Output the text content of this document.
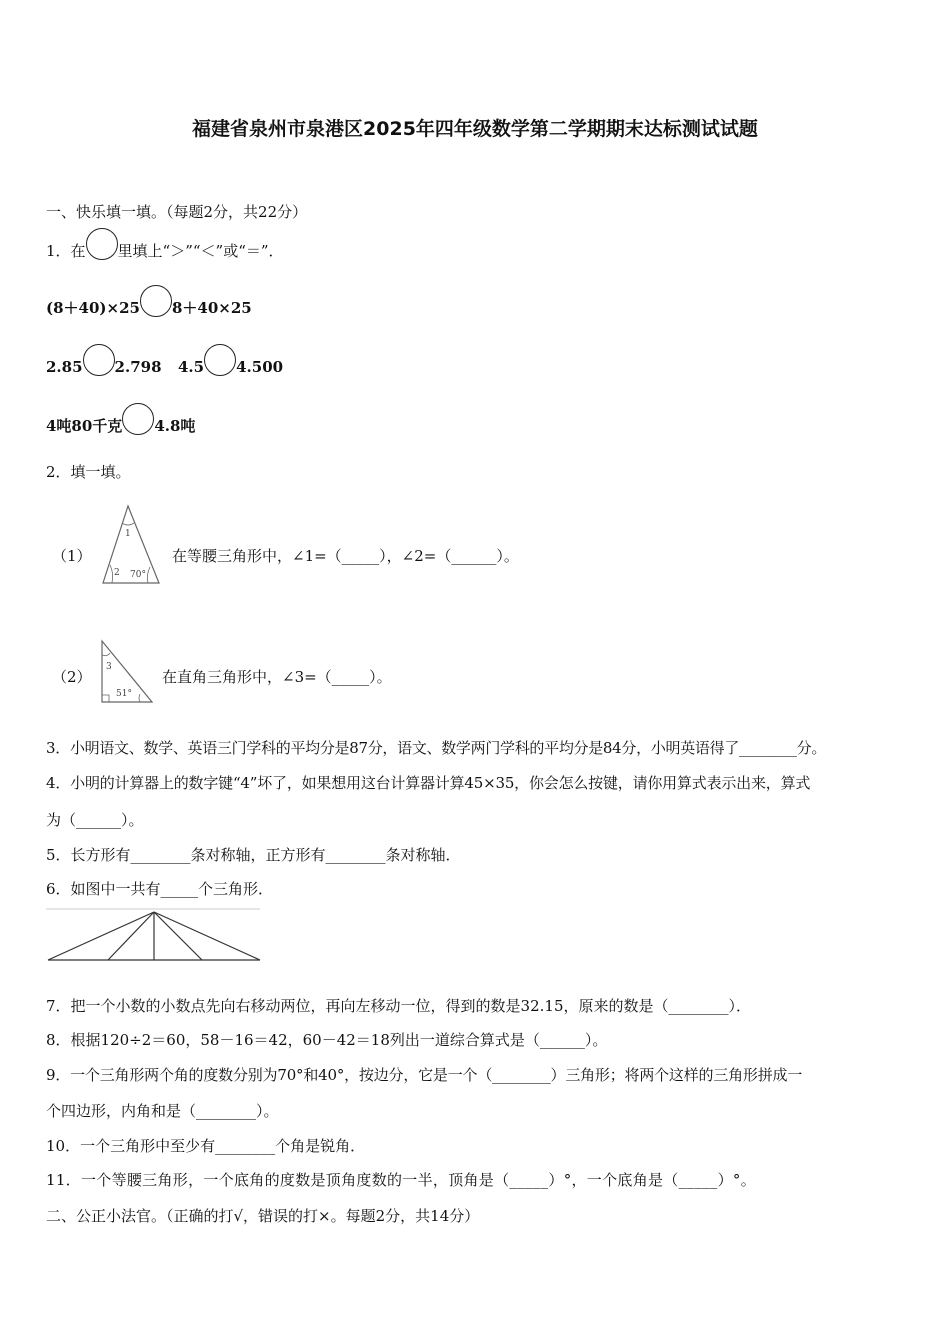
福建省泉州市泉港区2025年四年级数学第二学期期末达标测试试题
一、快乐填一填。（每题2分，共22分）
1．在 里填上“＞”“＜”或“＝”．
(8＋40)×25 8＋40×25
2.85 2.798 4.5 4.500
4吨80千克 4.8吨
2．填一填。
（1）
1
2 70°
在等腰三角形中，∠1=（_____），∠2=（______）。
（2）
3
51°
在直角三角形中，∠3=（_____）。
3．小明语文、数学、英语三门学科的平均分是87分，语文、数学两门学科的平均分是84分，小明英语得了________分。
4．小明的计算器上的数字键“4”坏了，如果想用这台计算器计算45×35，你会怎么按键，请你用算式表示出来，算式
为（______）。
5．长方形有________条对称轴，正方形有________条对称轴．
6．如图中一共有_____个三角形．
7．把一个小数的小数点先向右移动两位，再向左移动一位，得到的数是32.15，原来的数是（________）．
8．根据120÷2＝60，58－16＝42，60－42＝18列出一道综合算式是（______）。
9．一个三角形两个角的度数分别为70°和40°，按边分，它是一个（________）三角形；将两个这样的三角形拼成一
个四边形，内角和是（________）。
10．一个三角形中至少有________个角是锐角．
11．一个等腰三角形，一个底角的度数是顶角度数的一半，顶角是（_____）°，一个底角是（_____）°。
二、公正小法官。（正确的打√，错误的打×。每题2分，共14分）
